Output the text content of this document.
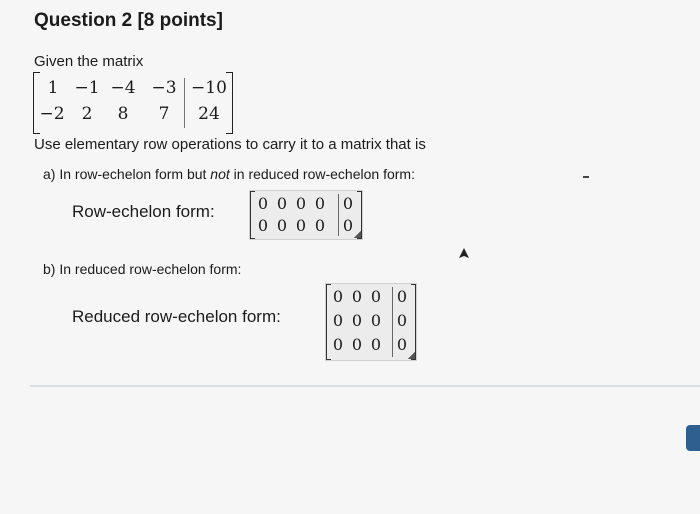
Question 2 [8 points]
Given the matrix
1 −1 −4 −3 −10
−2 2 8 7	24
Use elementary row operations to carry it to a matrix that is
a) In row-echelon form but not in reduced row-echelon form:
Row-echelon form:	0 0 0 0 0
0 0 0 0 0
b) In reduced row-echelon form:
Reduced row-echelon form:
0 0 0 0
0 0 0 0
0 0 0 0
